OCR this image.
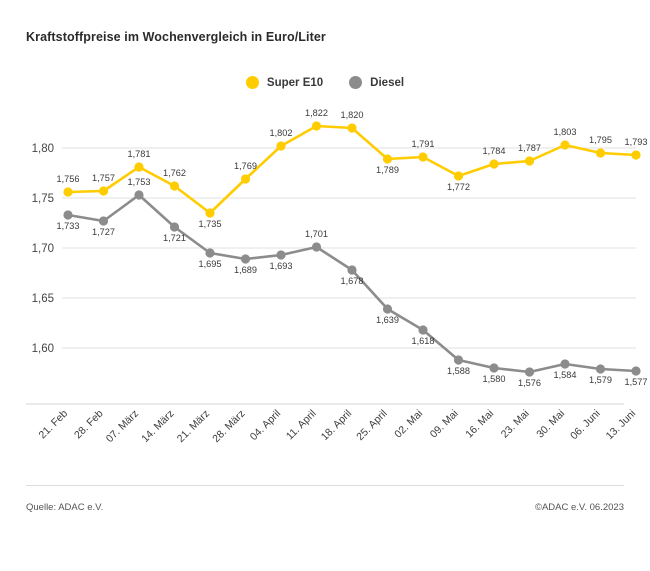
Kraftstoffpreise im Wochenvergleich in Euro/Liter
Super E10	Diesel
1,60
1,65
1,70
1,75
1,80
21. Feb 28. Feb
07. März
14. März
21. März
28. März 04. April 11. April 18. April 25. April 02. Mai 09. Mai 16. Mai 23. Mai 30. Mai 06. Juni 13. Juni
1,756 1,757
1,781
1,762
1,735
1,769
1,802
1,822 1,820
1,789
1,791
1,772
1,784 1,787
1,803
1,795 1,793
1,733
1,727
1,753
1,721
1,695
1,689 1,693
1,701
1,678
1,639
1,618
1,588
1,580 1,576
1,584 1,579 1,577
Quelle: ADAC e.V.	©ADAC e.V. 06.2023
